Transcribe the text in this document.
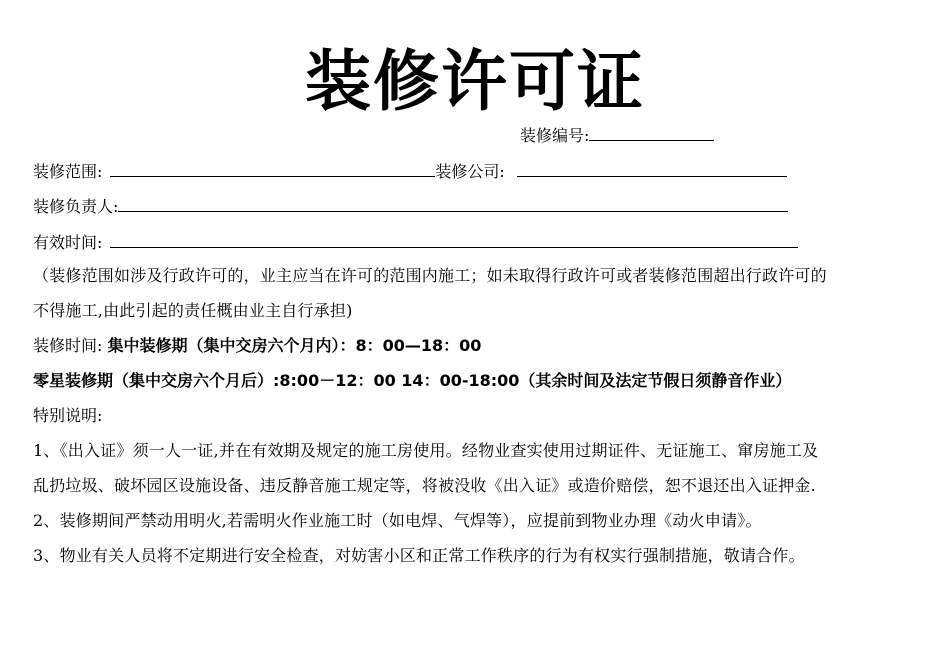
装修许可证
装修编号:
装修范围:	装修公司:
装修负责人:
有效时间:
（装修范围如涉及行政许可的，业主应当在许可的范围内施工；如未取得行政许可或者装修范围超出行政许可的
不得施工,由此引起的责任概由业主自行承担)
装修时间: 集中装修期（集中交房六个月内）：8：00—18：00
零星装修期（集中交房六个月后）:8:00－12：00 14：00-18:00（其余时间及法定节假日须静音作业）
特别说明:
1、《出入证》须一人一证,并在有效期及规定的施工房使用。经物业查实使用过期证件、无证施工、窜房施工及
乱扔垃圾、破坏园区设施设备、违反静音施工规定等，将被没收《出入证》或造价赔偿，恕不退还出入证押金.
2、装修期间严禁动用明火,若需明火作业施工时（如电焊、气焊等），应提前到物业办理《动火申请》。
3、物业有关人员将不定期进行安全检查，对妨害小区和正常工作秩序的行为有权实行强制措施，敬请合作。
